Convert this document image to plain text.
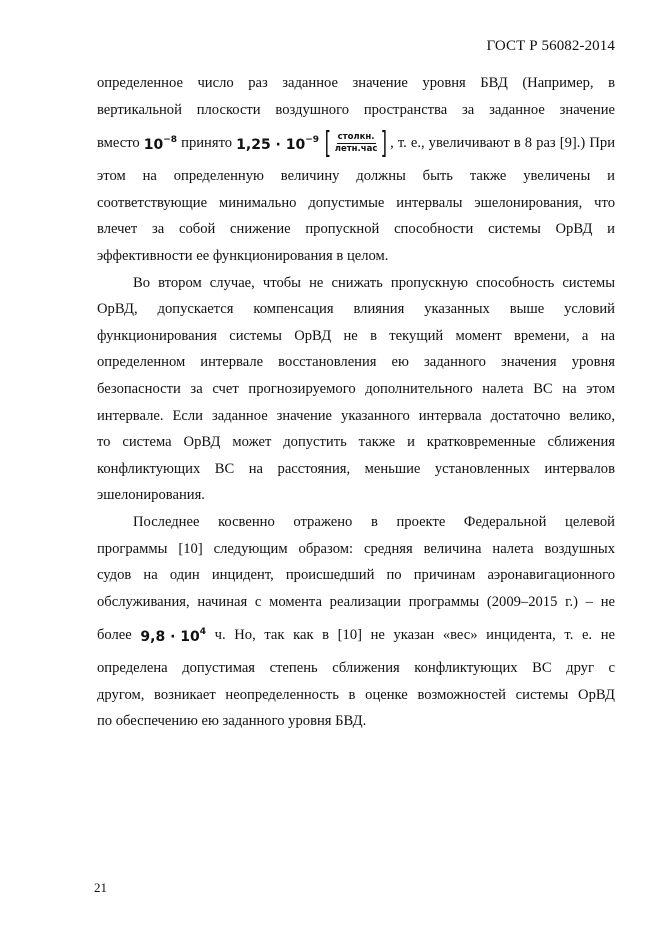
ГОСТ Р 56082-2014
определенное число раз заданное значение уровня БВД (Например, в
вертикальной плоскости воздушного пространства за заданное значение
вместо $10^{-8}$ принято $1,25 \cdot 10^{-9}$ [ $\frac{\text{столкн.}}{\text{летн.час}}$ ] , т. е., увеличивают в 8 раз [9].) При
этом на определенную величину должны быть также увеличены и
соответствующие минимально допустимые интервалы эшелонирования, что
влечет за собой снижение пропускной способности системы ОрВД и
эффективности ее функционирования в целом.
Во втором случае, чтобы не снижать пропускную способность системы
ОрВД, допускается компенсация влияния указанных выше условий
функционирования системы ОрВД не в текущий момент времени, а на
определенном интервале восстановления ею заданного значения уровня
безопасности за счет прогнозируемого дополнительного налета ВС на этом
интервале. Если заданное значение указанного интервала достаточно велико,
то система ОрВД может допустить также и кратковременные сближения
конфликтующих ВС на расстояния, меньшие установленных интервалов
эшелонирования.
Последнее косвенно отражено в проекте Федеральной целевой
программы [10] следующим образом: средняя величина налета воздушных
судов на один инцидент, происшедший по причинам аэронавигационного
обслуживания, начиная с момента реализации программы (2009–2015 г.) – не
более $9,8 \cdot 10^4$ ч. Но, так как в [10] не указан «вес» инцидента, т. е. не
определена допустимая степень сближения конфликтующих ВС друг с
другом, возникает неопределенность в оценке возможностей системы ОрВД
по обеспечению ею заданного уровня БВД.
21
